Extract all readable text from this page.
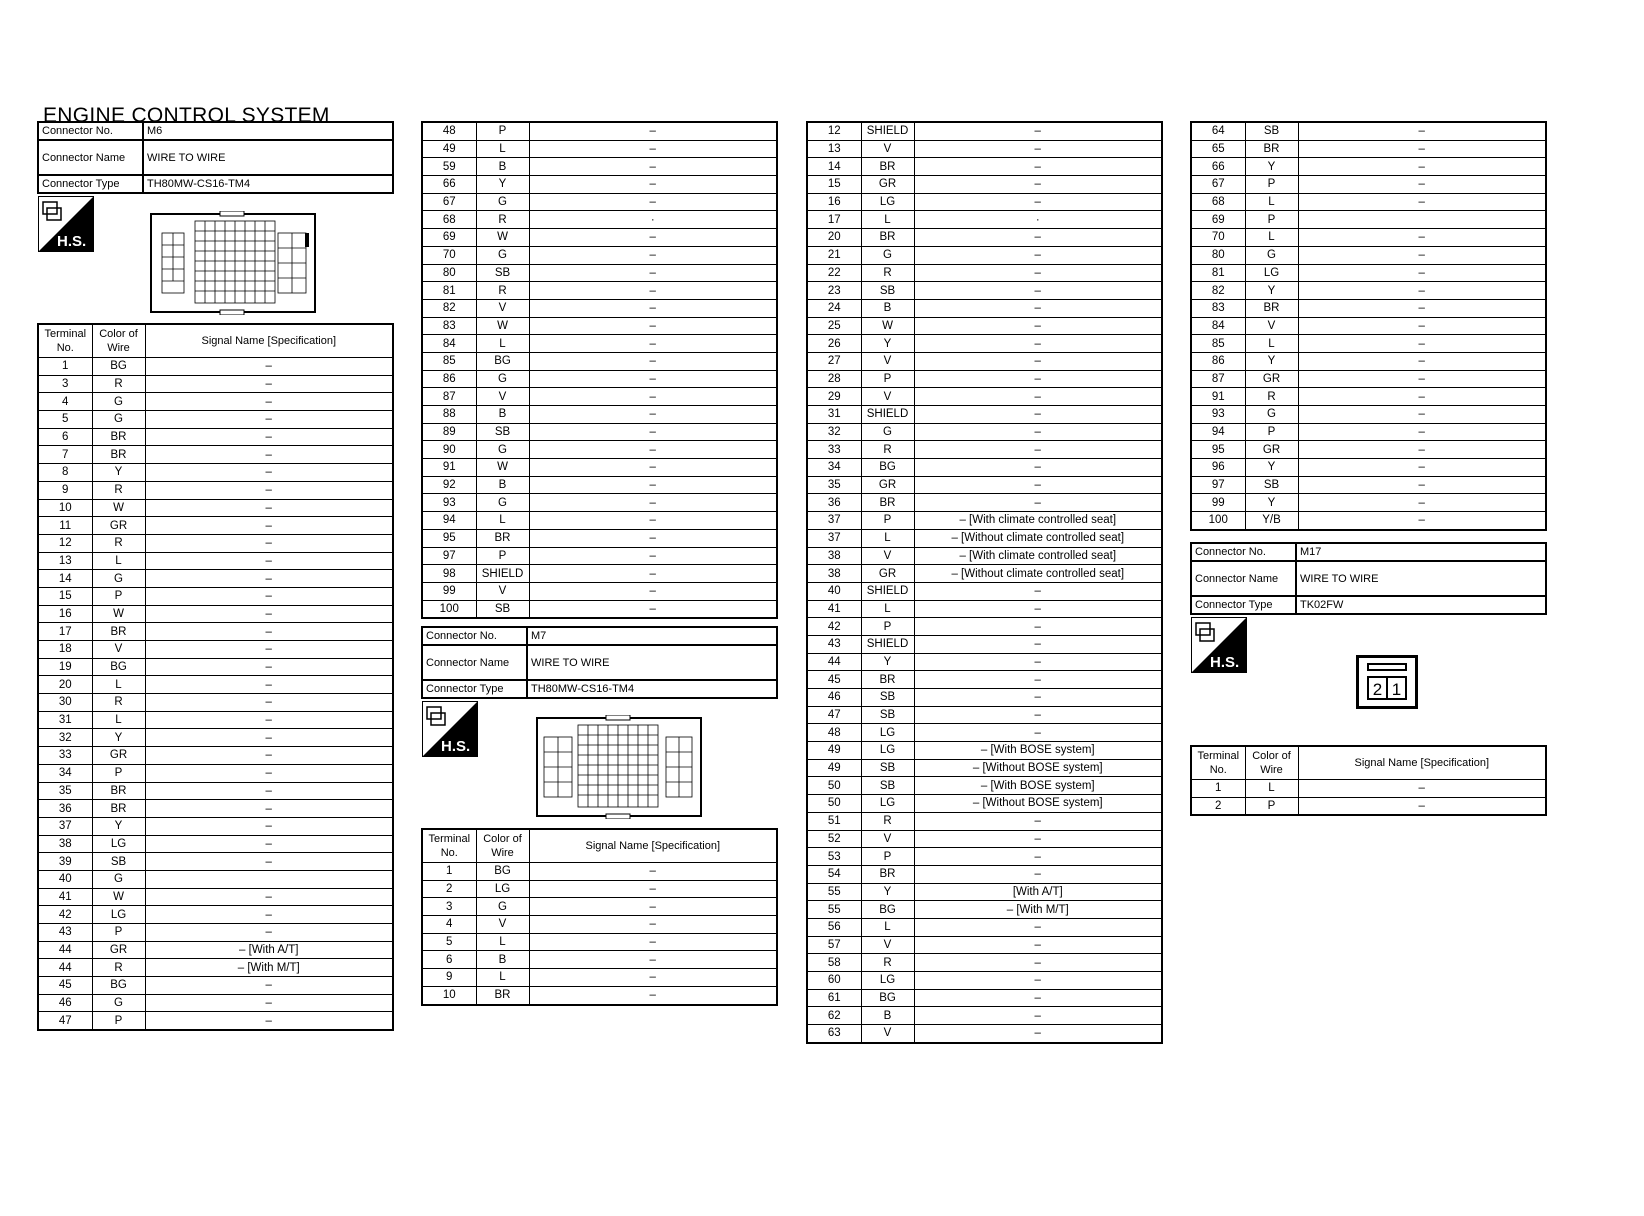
ENGINE CONTROL SYSTEM
Connector No.	M6
Connector Name	WIRE TO WIRE
Connector Type	TH80MW-CS16-TM4
H.S.
Terminal No.	Color of Wire	Signal Name [Specification]
1	BG	–
3	R	–
4	G	–
5	G	–
6	BR	–
7	BR	–
8	Y	–
9	R	–
10	W	–
11	GR	–
12	R	–
13	L	–
14	G	–
15	P	–
16	W	–
17	BR	–
18	V	–
19	BG	–
20	L	–
30	R	–
31	L	–
32	Y	–
33	GR	–
34	P	–
35	BR	–
36	BR	–
37	Y	–
38	LG	–
39	SB	–
40	G	
41	W	–
42	LG	–
43	P	–
44	GR	– [With A/T]
44	R	– [With M/T]
45	BG	–
46	G	–
47	P	–
48	P	–
49	L	–
59	B	–
66	Y	–
67	G	–
68	R	·
69	W	–
70	G	–
80	SB	–
81	R	–
82	V	–
83	W	–
84	L	–
85	BG	–
86	G	–
87	V	–
88	B	–
89	SB	–
90	G	–
91	W	–
92	B	–
93	G	–
94	L	–
95	BR	–
97	P	–
98	SHIELD	–
99	V	–
100	SB	–
Connector No.	M7
Connector Name	WIRE TO WIRE
Connector Type	TH80MW-CS16-TM4
H.S.
Terminal No.	Color of Wire	Signal Name [Specification]
1	BG	–
2	LG	–
3	G	–
4	V	–
5	L	–
6	B	–
9	L	–
10	BR	–
12	SHIELD	–
13	V	–
14	BR	–
15	GR	–
16	LG	–
17	L	·
20	BR	–
21	G	–
22	R	–
23	SB	–
24	B	–
25	W	–
26	Y	–
27	V	–
28	P	–
29	V	–
31	SHIELD	–
32	G	–
33	R	–
34	BG	–
35	GR	–
36	BR	–
37	P	– [With climate controlled seat]
37	L	– [Without climate controlled seat]
38	V	– [With climate controlled seat]
38	GR	– [Without climate controlled seat]
40	SHIELD	–
41	L	–
42	P	–
43	SHIELD	–
44	Y	–
45	BR	–
46	SB	–
47	SB	–
48	LG	–
49	LG	– [With BOSE system]
49	SB	– [Without BOSE system]
50	SB	– [With BOSE system]
50	LG	– [Without BOSE system]
51	R	–
52	V	–
53	P	–
54	BR	–
55	Y	[With A/T]
55	BG	– [With M/T]
56	L	–
57	V	–
58	R	–
60	LG	–
61	BG	–
62	B	–
63	V	–
64	SB	–
65	BR	–
66	Y	–
67	P	–
68	L	–
69	P	
70	L	–
80	G	–
81	LG	–
82	Y	–
83	BR	–
84	V	–
85	L	–
86	Y	–
87	GR	–
91	R	–
93	G	–
94	P	–
95	GR	–
96	Y	–
97	SB	–
99	Y	–
100	Y/B	–
Connector No.	M17
Connector Name	WIRE TO WIRE
Connector Type	TK02FW
H.S.
2 1
Terminal No.	Color of Wire	Signal Name [Specification]
1	L	–
2	P	–
